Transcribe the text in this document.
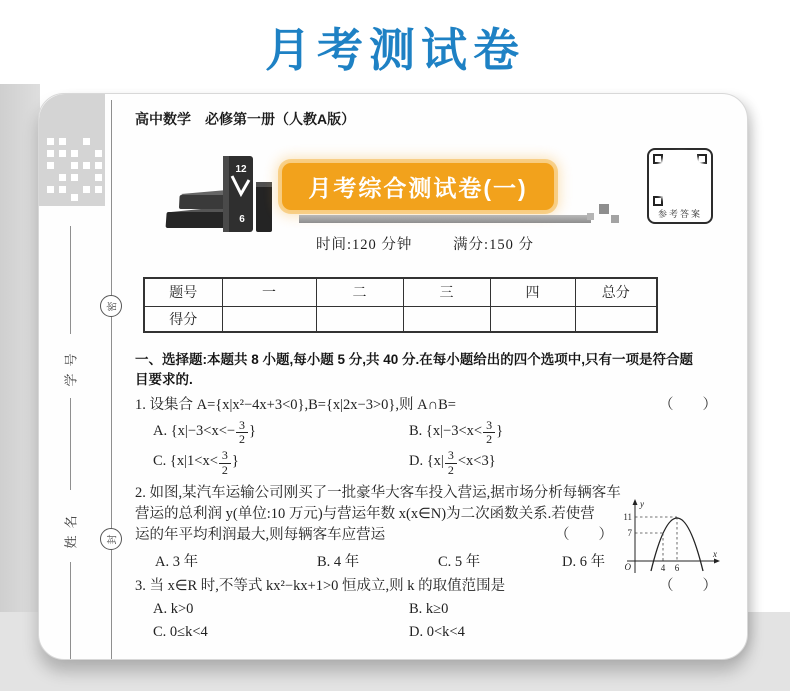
月考测试卷
学号
姓名
密
封
高中数学　必修第一册（人教A版）
12
6
月考综合测试卷(一)
参考答案
时间:120 分钟	满分:150 分
题号	一	二	三	四	总分
得分					
一、选择题:本题共 8 小题,每小题 5 分,共 40 分.在每小题给出的四个选项中,只有一项是符合题
目要求的.
1. 设集合 A={x|x²−4x+3<0},B={x|2x−3>0},则 A∩B=	（　　）
A. {$x|-3<x<- \frac{3}{2}$ }	B. {$x|-3<x< \frac{3}{2}$ }
C. {$x|1<x< \frac{3}{2}$ }	D. $\{x| \frac{3}{2} <x<3\}$
11
7
4 6
O
y
x
2. 如图,某汽车运输公司刚买了一批豪华大客车投入营运,据市场分析每辆客车
营运的总利润 y(单位:10 万元)与营运年数 x(x∈N)为二次函数关系.若使营
运的年平均利润最大,则每辆客车应营运	（　　）
A. 3 年	B. 4 年	C. 5 年	D. 6 年
3. 当 x∈R 时,不等式 kx²−kx+1>0 恒成立,则 k 的取值范围是	（　　）
A. k>0	B. k≥0
C. 0≤k<4	D. 0<k<4
